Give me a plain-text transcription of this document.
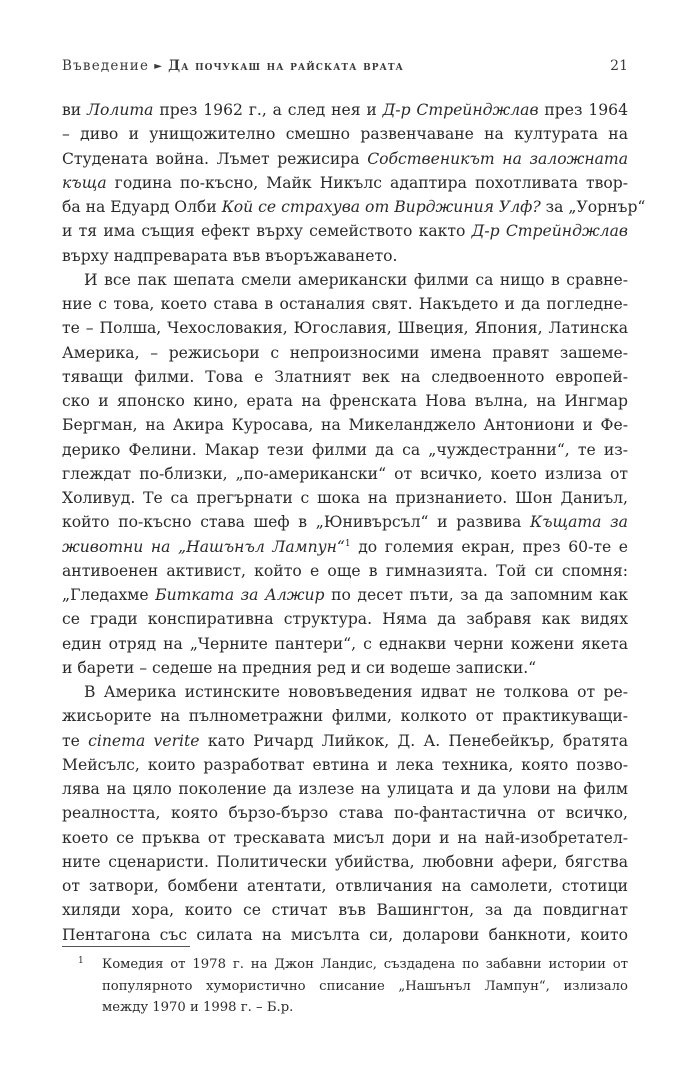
Въведение ► Да почукаш на райската врата	21
ви Лолита през 1962 г., а след нея и Д-р Стрейнджлав през 1964
– диво и унищожително смешно развенчаване на културата на
Студената война. Лъмет режисира Собственикът на заложната
къща година по-късно, Майк Никълс адаптира похотливата твор-
ба на Едуард Олби Кой се страхува от Вирджиния Улф? за „Уорнър“
и тя има същия ефект върху семейството както Д-р Стрейнджлав
върху надпреварата във въоръжаването.
И все пак шепата смели американски филми са нищо в сравне-
ние с това, което става в останалия свят. Накъдето и да погледне-
те – Полша, Чехословакия, Югославия, Швеция, Япония, Латинска
Америка, – режисьори с непроизносими имена правят зашеме-
тяващи филми. Това е Златният век на следвоенното европей-
ско и японско кино, ерата на френската Нова вълна, на Ингмар
Бергман, на Акира Куросава, на Микеланджело Антониони и Фе-
дерико Фелини. Макар тези филми да са „чуждестранни“, те из-
глеждат по-близки, „по-американски“ от всичко, което излиза от
Холивуд. Те са прегърнати с шока на признанието. Шон Даниъл,
който по-късно става шеф в „Юнивърсъл“ и развива Къщата за
животни на „Нашънъл Лампун“$^1$ до големия екран, през 60-те е
антивоенен активист, който е още в гимназията. Той си спомня:
„Гледахме Битката за Алжир по десет пъти, за да запомним как
се гради конспиративна структура. Няма да забравя как видях
един отряд на „Черните пантери“, с еднакви черни кожени якета
и барети – седеше на предния ред и си водеше записки.“
В Америка истинските нововъведения идват не толкова от ре-
жисьорите на пълнометражни филми, колкото от практикуващи-
те cinema verite като Ричард Лийкок, Д. А. Пенебейкър, братята
Мейсълс, които разработват евтина и лека техника, която позво-
лява на цяло поколение да излезе на улицата и да улови на филм
реалността, която бързо-бързо става по-фантастична от всичко,
което се пръква от трескавата мисъл дори и на най-изобретател-
ните сценаристи. Политически убийства, любовни афери, бягства
от затвори, бомбени атентати, отвличания на самолети, стотици
хиляди хора, които се стичат във Вашингтон, за да повдигнат
Пентагона със силата на мисълта си, доларови банкноти, които
1	Комедия от 1978 г. на Джон Ландис, създадена по забавни истории от
популярното хумористично списание „Нашънъл Лампун“, излизало
между 1970 и 1998 г. – Б.р.
